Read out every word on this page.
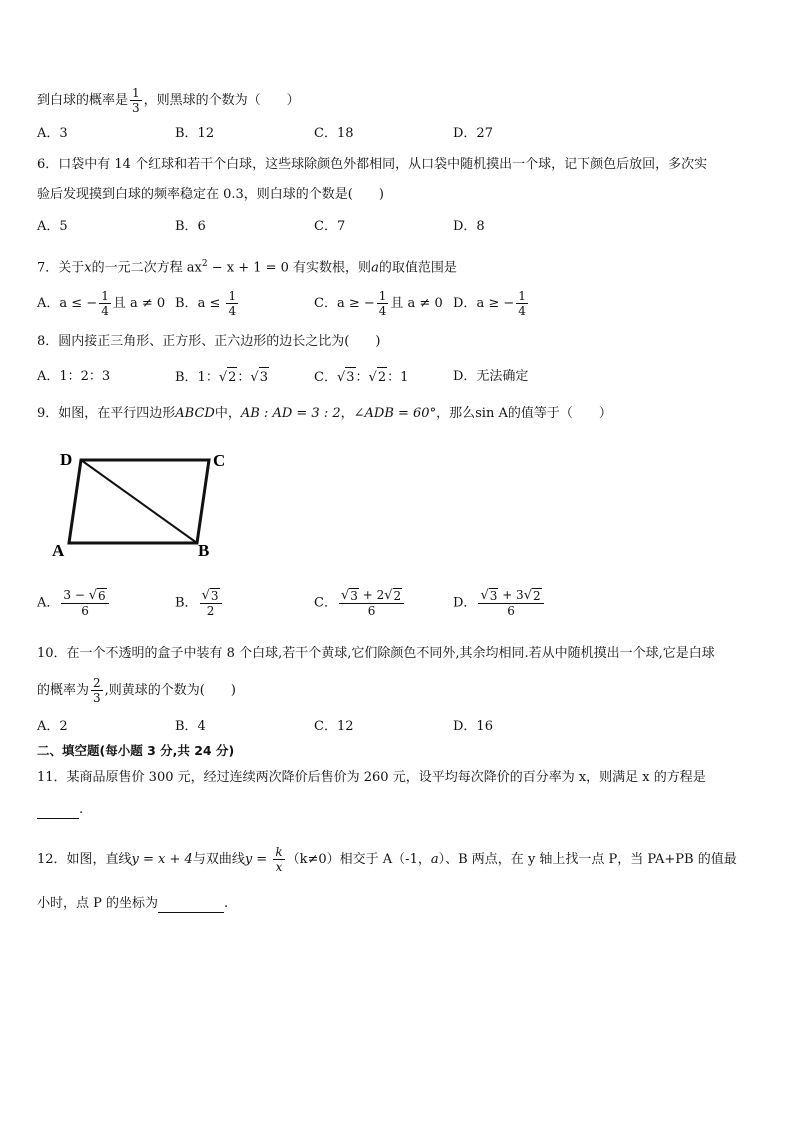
到白球的概率是 $\frac{1}{3}$ ，则黑球的个数为（　　）
A．3	B．12	C．18	D．27
6．口袋中有 14 个红球和若干个白球，这些球除颜色外都相同，从口袋中随机摸出一个球，记下颜色后放回，多次实
验后发现摸到白球的频率稳定在 0.3，则白球的个数是(　　)
A．5	B．6	C．7	D．8
7．关于x的一元二次方程 $ax^2 - x + 1 = 0$ 有实数根，则a的取值范围是
A．a ≤ − $\frac{1}{4}$ 且 a ≠ 0 B．$a \le \frac{1}{4}$	C．a ≥ − $\frac{1}{4}$ 且 a ≠ 0 D．a ≥ − $\frac{1}{4}$
8．圆内接正三角形、正方形、正六边形的边长之比为(　　)
A．1：2：3	B．1： √ 2 ： √ 3	C． √ 3 ： √ 2 ：1	D．无法确定
9．如图，在平行四边形ABCD中，AB : AD = 3 : 2，∠ADB = 60°，那么sin A的值等于（　　）
D	C
A	B
A． $\frac{3 - √ 6}{6}$	B． $\frac{√ 3}{2}$	C． $\frac{√ 3 + 2 √ 2}{6}$	D． $\frac{√ 3 + 3 √ 2}{6}$
10．在一个不透明的盒子中装有 8 个白球,若干个黄球,它们除颜色不同外,其余均相同.若从中随机摸出一个球,它是白球
的概率为 $\frac{2}{3}$ ,则黄球的个数为(　　)
A．2	B．4	C．12	D．16
二、填空题(每小题 3 分,共 24 分)
11．某商品原售价 300 元，经过连续两次降价后售价为 260 元，设平均每次降价的百分率为 x，则满足 x 的方程是
.
12．如图，直线y = x + 4与双曲线$y = \frac{k}{x} (k\ne 0)$相交于 A（-1，a）、B 两点，在 y 轴上找一点 P，当 PA+PB 的值最
小时，点 P 的坐标为	.
